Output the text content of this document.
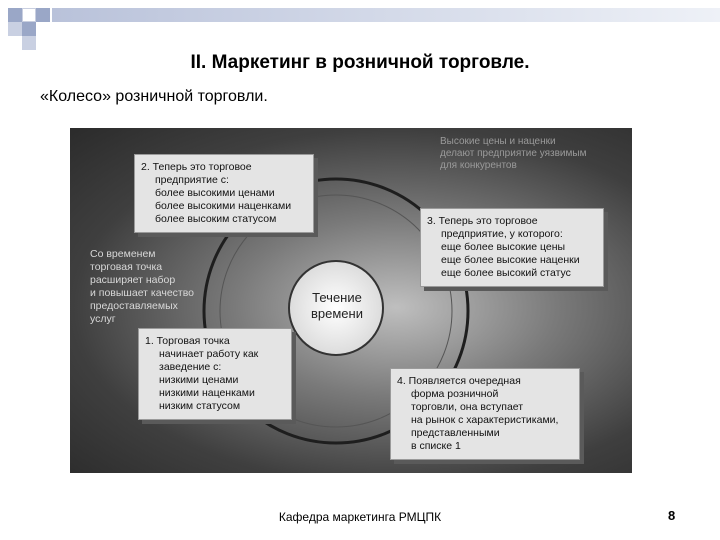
II. Маркетинг в розничной торговле.
«Колесо» розничной торговли.
Высокие цены и наценки
делают предприятие уязвимым
для конкурентов
2. Теперь это торговое
предприятие с:
более высокими ценами
более высокими наценками
более высоким статусом	3. Теперь это торговое
предприятие, у которого:
еще более высокие цены
еще более высокие наценки
еще более высокий статус
Со временем
торговая точка
расширяет набор
и повышает качество
предоставляемых
услуг
Течение
времени
1. Торговая точка
начинает работу как
заведение с:
низкими ценами
низкими наценками
низким статусом
4. Появляется очередная
форма розничной
торговли, она вступает
на рынок с характеристиками,
представленными
в списке 1
Кафедра маркетинга РМЦПК	8
